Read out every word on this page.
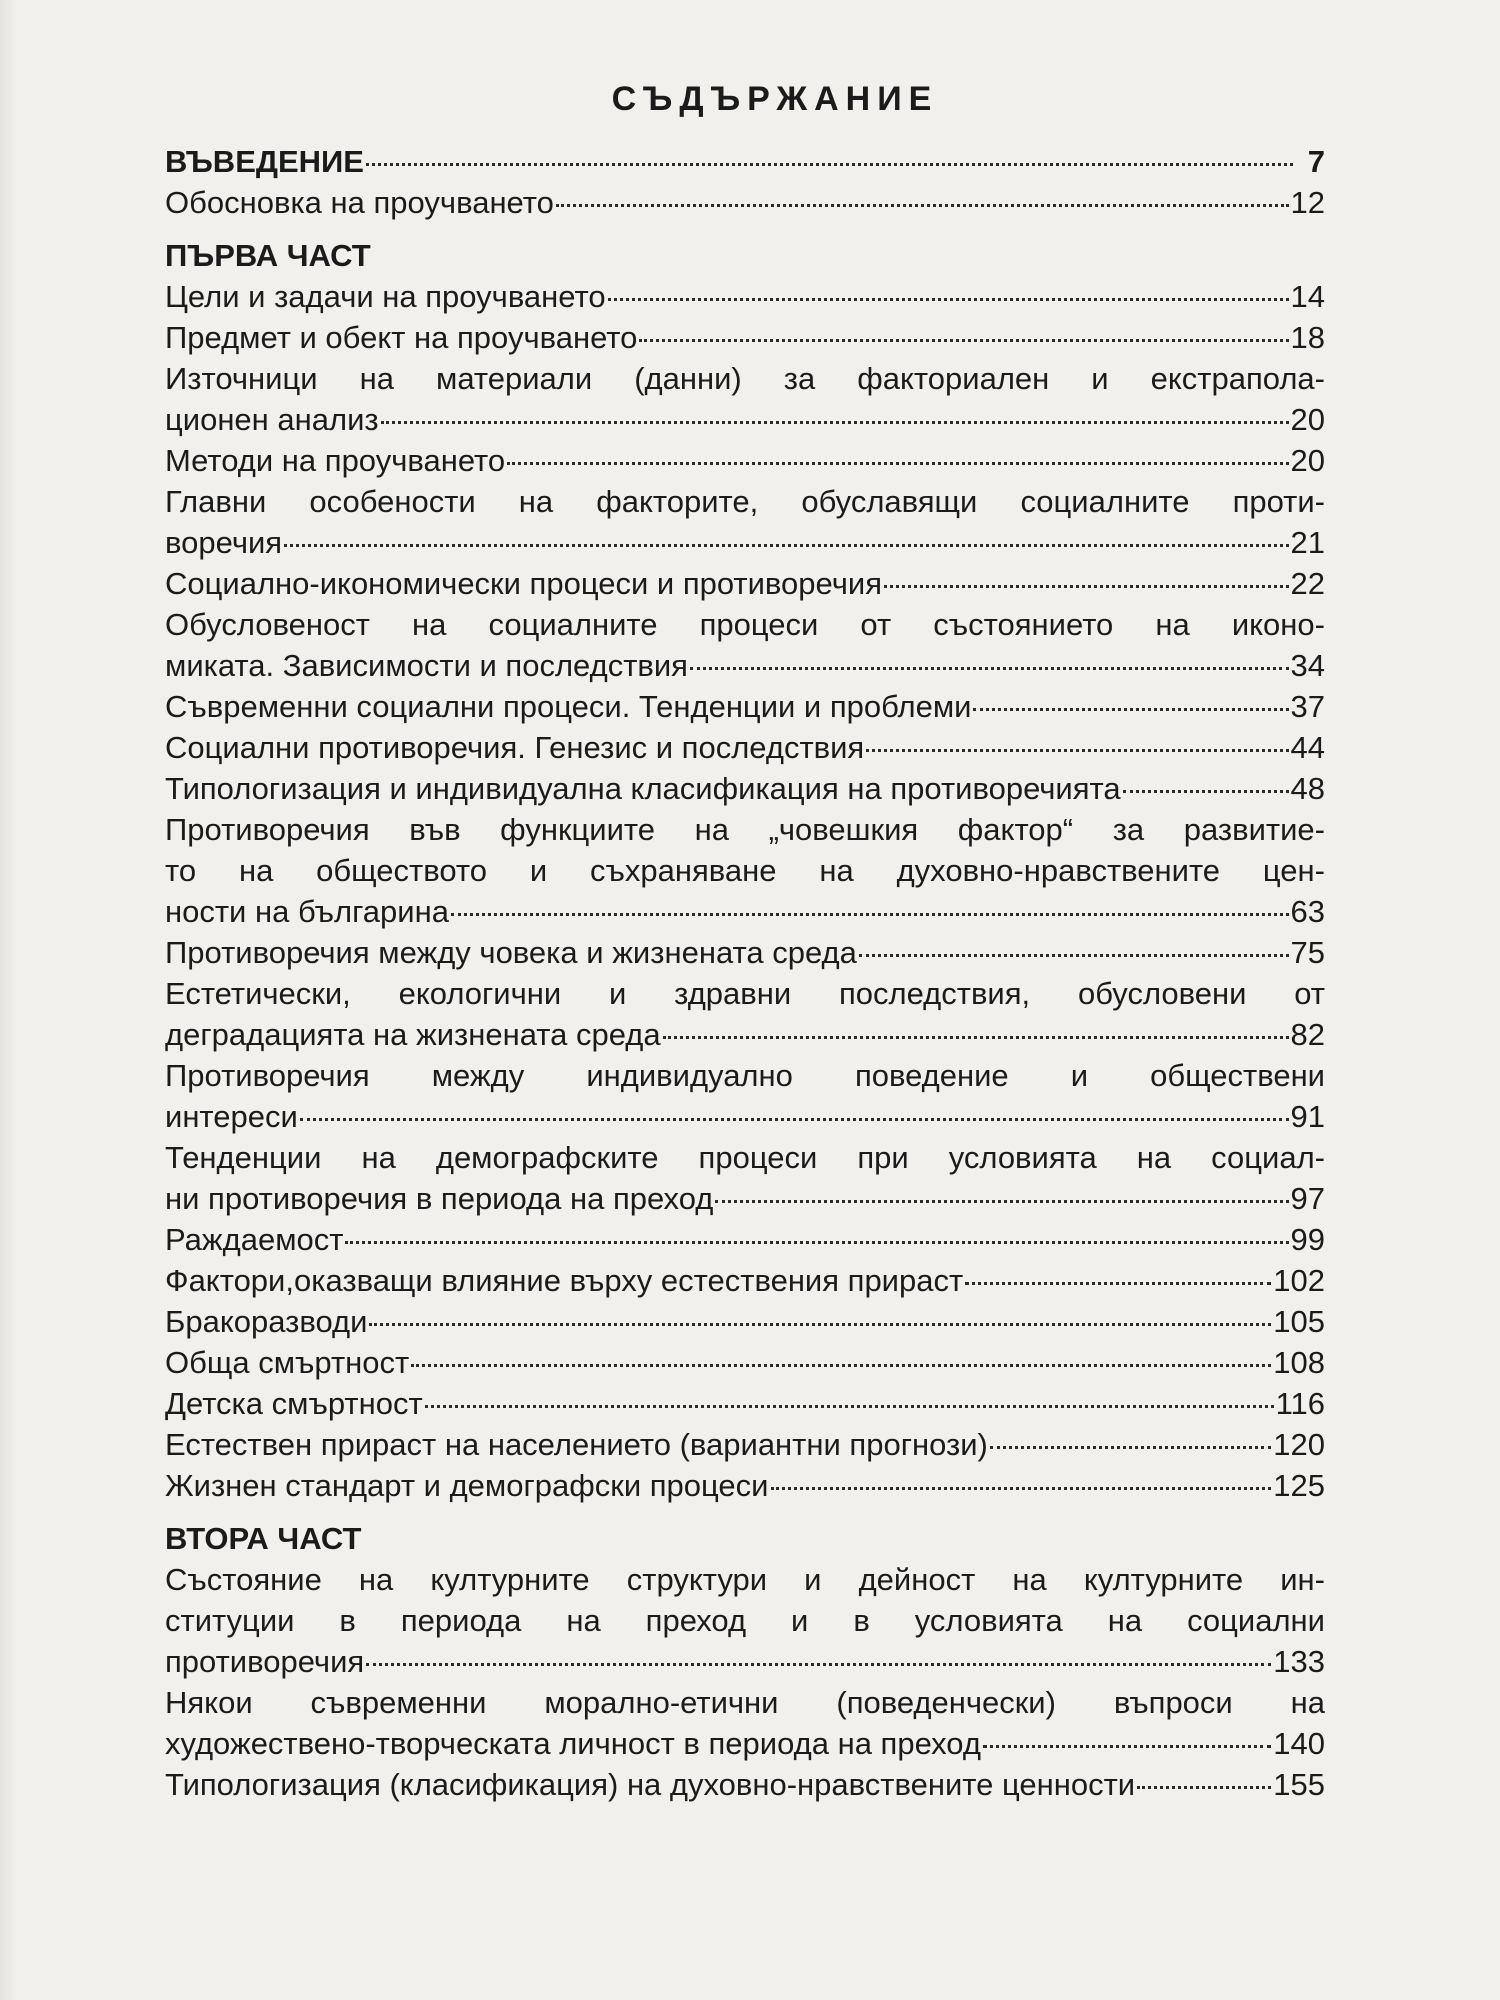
СЪДЪРЖАНИЕ
ВЪВЕДЕНИЕ	7
Обосновка на проучването	12
ПЪРВА ЧАСТ
Цели и задачи на проучването	14
Предмет и обект на проучването	18
Източници на материали (данни) за факториален и екстрапола-
ционен анализ	20
Методи на проучването	20
Главни особености на факторите, обуславящи социалните проти-
воречия	21
Социално-икономически процеси и противоречия	22
Обусловеност на социалните процеси от състоянието на иконо-
миката. Зависимости и последствия	34
Съвременни социални процеси. Тенденции и проблеми	37
Социални противоречия. Генезис и последствия	44
Типологизация и индивидуална класификация на противоречията	48
Противоречия във функциите на „човешкия фактор“ за развитие-
то на обществото и съхраняване на духовно-нравствените цен-
ности на българина	63
Противоречия между човека и жизнената среда	75
Естетически, екологични и здравни последствия, обусловени от
деградацията на жизнената среда	82
Противоречия между индивидуално поведение и обществени
интереси	91
Тенденции на демографските процеси при условията на социал-
ни противоречия в периода на преход	97
Раждаемост	99
Фактори,оказващи влияние върху естествения прираст	102
Бракоразводи	105
Обща смъртност	108
Детска смъртност	116
Естествен прираст на населението (вариантни прогнози)	120
Жизнен стандарт и демографски процеси	125
ВТОРА ЧАСТ
Състояние на културните структури и дейност на културните ин-
ституции в периода на преход и в условията на социални
противоречия	133
Някои съвременни морално-етични (поведенчески) въпроси на
художествено-творческата личност в периода на преход	140
Типологизация (класификация) на духовно-нравствените ценности	155
